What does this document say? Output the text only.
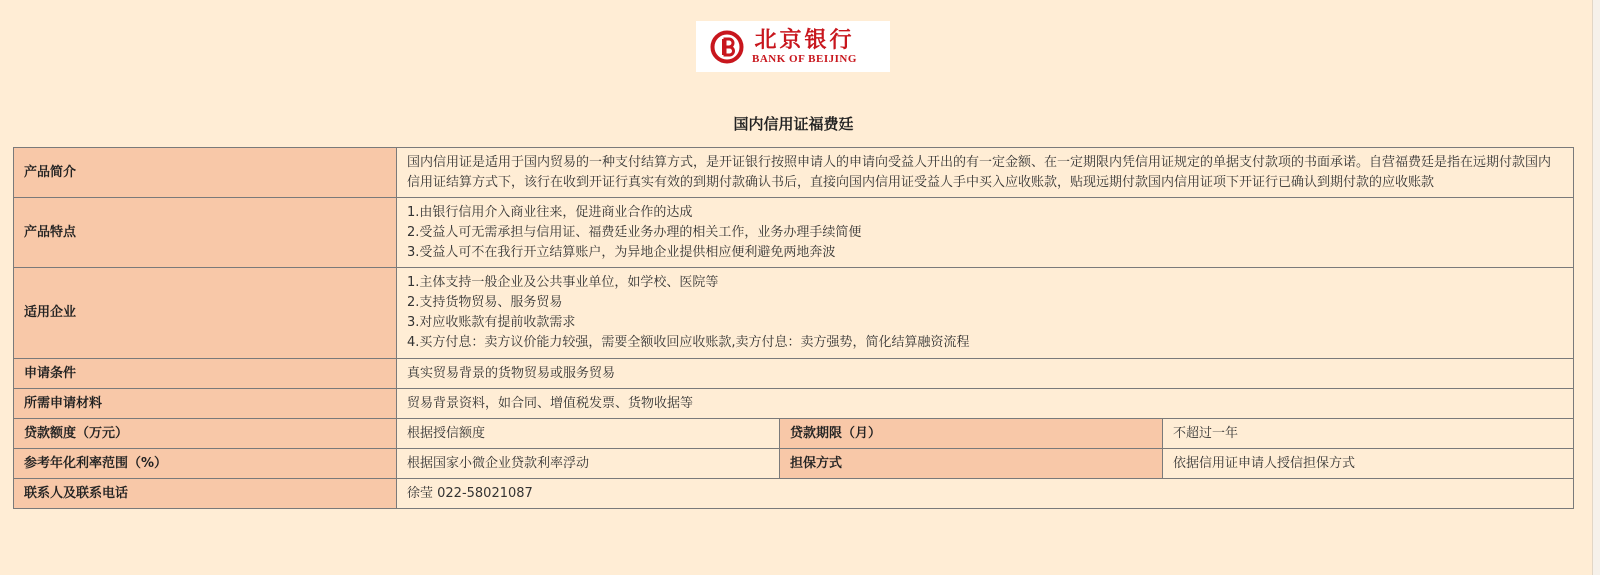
北京银行
BANK OF BEIJING
国内信用证福费廷
产品简介	国内信用证是适用于国内贸易的一种支付结算方式，是开证银行按照申请人的申请向受益人开出的有一定金额、在一定期限内凭信用证规定的单据支付款项的书面承诺。自营福费廷是指在远期付款国内信用证结算方式下，该行在收到开证行真实有效的到期付款确认书后，直接向国内信用证受益人手中买入应收账款，贴现远期付款国内信用证项下开证行已确认到期付款的应收账款		

产品特点	1.由银行信用介入商业往来，促进商业合作的达成
2.受益人可无需承担与信用证、福费廷业务办理的相关工作，业务办理手续简便
3.受益人可不在我行开立结算账户，为异地企业提供相应便利避免两地奔波		

适用企业	1.主体支持一般企业及公共事业单位，如学校、医院等
2.支持货物贸易、服务贸易
3.对应收账款有提前收款需求
4.买方付息：卖方议价能力较强，需要全额收回应收账款,卖方付息：卖方强势，简化结算融资流程		

申请条件	真实贸易背景的货物贸易或服务贸易		
所需申请材料	贸易背景资料，如合同、增值税发票、货物收据等		
贷款额度（万元）	根据授信额度	贷款期限（月）	不超过一年
参考年化利率范围（%）	根据国家小微企业贷款利率浮动	担保方式	依据信用证申请人授信担保方式
联系人及联系电话	徐莹 022-58021087		
